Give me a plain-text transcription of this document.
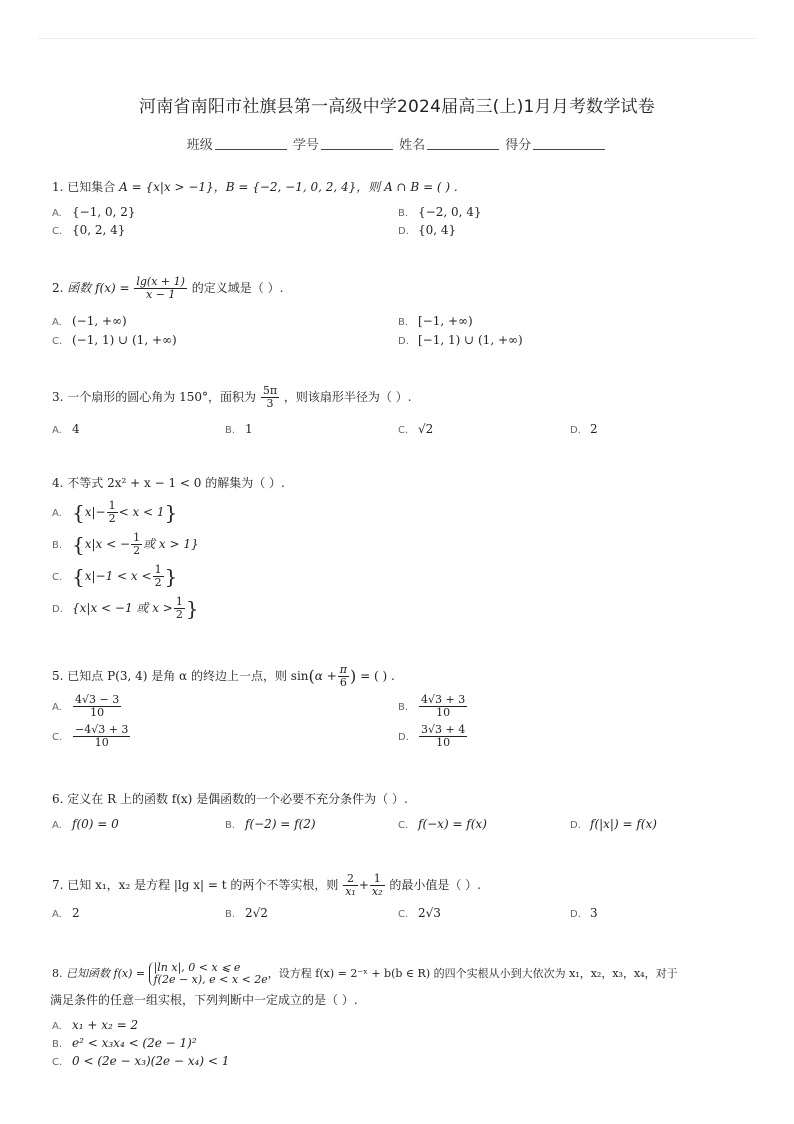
河南省南阳市社旗县第一高级中学2024届高三(上)1月月考数学试卷
班级	学号	姓名	得分
1. 已知集合 A = {x|x > −1}，B = {−2, −1, 0, 2, 4}，则 A ∩ B = ( ) .
A. {−1, 0, 2}	B. {−2, 0, 4}
C. {0, 2, 4}	D. {0, 4}
2. 函数 $f(x) = \frac{\lg(x + 1)}{x - 1}$ 的定义域是（ ）.
A. (−1, +∞)	B. [−1, +∞)
C. (−1, 1) ∪ (1, +∞)	D. [−1, 1) ∪ (1, +∞)
3. 一个扇形的圆心角为 150°，面积为 $\frac{5\pi}{3}$ ，则该扇形半径为（ ）.
A. 4	B. 1	C. √2	D. 2
4. 不等式 2x² + x − 1 < 0 的解集为（ ）.
A. $\{x|- \frac{1}{2} < x < 1\}$
B. {x|x < − $\frac{1}{2}$ 或 x > 1}
C. {$x|-1 < x < \frac{1}{2}$ }
D. {x|x < −1 或 $x > \frac{1}{2}$ }
5. 已知点 P(3, 4) 是角 α 的终边上一点，则 $\sin(\alpha + \frac{\pi}{6}$ ) = ( ) .
A. $\frac{4√3 - 3}{10}$	B. $\frac{4√3 + 3}{10}$
C. $\frac{-4√3 + 3}{10}$	D. $\frac{3√3 + 4}{10}$
6. 定义在 R 上的函数 f(x) 是偶函数的一个必要不充分条件为（ ）.
A. f(0) = 0	B. f(−2) = f(2)	C. f(−x) = f(x)	D. f(|x|) = f(x)
7. 已知 x₁，x₂ 是方程 |lg x| = t 的两个不等实根，则 $\frac{2}{\text{x₁}} + \frac{1}{\text{x₂}}$ 的最小值是（ ）.
A. 2	B. 2√2	C. 2√3	D. 3
8. 已知函数 f(x) = |ln x|, 0 < x ⩽ e
f(2e − x), e < x < 2e ，设方程 f(x) = 2⁻ˣ + b(b ∈ R) 的四个实根从小到大依次为 x₁，x₂，x₃，x₄，对于
满足条件的任意一组实根，下列判断中一定成立的是（ ）.
A. x₁ + x₂ = 2
B. e² < x₃x₄ < (2e − 1)²
C. 0 < (2e − x₃)(2e − x₄) < 1
